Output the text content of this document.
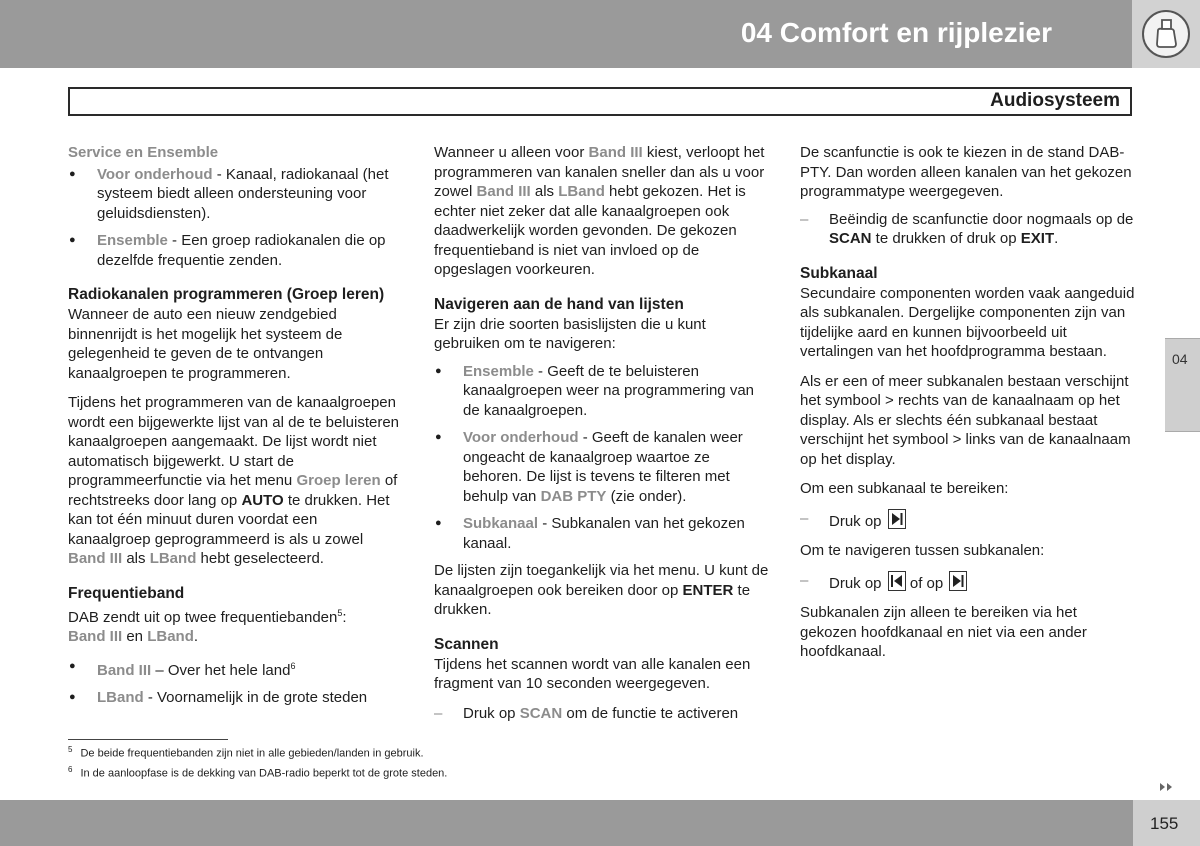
04 Comfort en rijplezier
Audiosysteem
04

Service en Ensemble

● Voor onderhoud - Kanaal, radiokanaal (het systeem biedt alleen ondersteuning voor geluidsdiensten).
● Ensemble - Een groep radiokanalen die op dezelfde frequentie zenden.
Radiokanalen programmeren (Groep leren)

Wanneer de auto een nieuw zendgebied binnenrijdt is het mogelijk het systeem de gelegenheid te geven de te ontvangen kanaalgroepen te programmeren.

Tijdens het programmeren van de kanaalgroepen wordt een bijgewerkte lijst van al de te beluisteren kanaalgroepen aangemaakt. De lijst wordt niet automatisch bijgewerkt. U start de programmeerfunctie via het menu Groep leren of rechtstreeks door lang op AUTO te drukken. Het kan tot één minuut duren voordat een kanaalgroep geprogrammeerd is als u zowel Band III als LBand hebt geselecteerd.

Frequentieband

DAB zendt uit op twee frequentiebanden$^5$:
Band III en LBand.

● Band III – Over het hele land$^6$
● LBand - Voornamelijk in de grote steden

Wanneer u alleen voor Band III kiest, verloopt het programmeren van kanalen sneller dan als u voor zowel Band III als LBand hebt gekozen. Het is echter niet zeker dat alle kanaalgroepen ook daadwerkelijk worden gevonden. De gekozen frequentieband is niet van invloed op de opgeslagen voorkeuren.

Navigeren aan de hand van lijsten

Er zijn drie soorten basislijsten die u kunt gebruiken om te navigeren:

● Ensemble - Geeft de te beluisteren kanaalgroepen weer na programmering van de kanaalgroepen.
● Voor onderhoud - Geeft de kanalen weer ongeacht de kanaalgroep waartoe ze behoren. De lijst is tevens te filteren met behulp van DAB PTY (zie onder).
● Subkanaal - Subkanalen van het gekozen kanaal.

De lijsten zijn toegankelijk via het menu. U kunt de kanaalgroepen ook bereiken door op ENTER te drukken.

Scannen

Tijdens het scannen wordt van alle kanalen een fragment van 10 seconden weergegeven.

– Druk op SCAN om de functie te activeren

De scanfunctie is ook te kiezen in de stand DAB-PTY. Dan worden alleen kanalen van het gekozen programmatype weergegeven.

– Beëindig de scanfunctie door nogmaals op de SCAN te drukken of druk op EXIT.
Subkanaal

Secundaire componenten worden vaak aangeduid als subkanalen. Dergelijke componenten zijn van tijdelijke aard en kunnen bijvoorbeeld uit vertalingen van het hoofdprogramma bestaan.

Als er een of meer subkanalen bestaan verschijnt het symbool > rechts van de kanaalnaam op het display. Als er slechts één subkanaal bestaat verschijnt het symbool > links van de kanaalnaam op het display.

Om een subkanaal te bereiken:

– Druk op

Om te navigeren tussen subkanalen:

– Druk op
of op

Subkanalen zijn alleen te bereiken via het gekozen hoofdkanaal en niet via een ander hoofdkanaal.

$^5$ De beide frequentiebanden zijn niet in alle gebieden/landen in gebruik.
$^6$ In de aanloopfase is de dekking van DAB-radio beperkt tot de grote steden.
155
